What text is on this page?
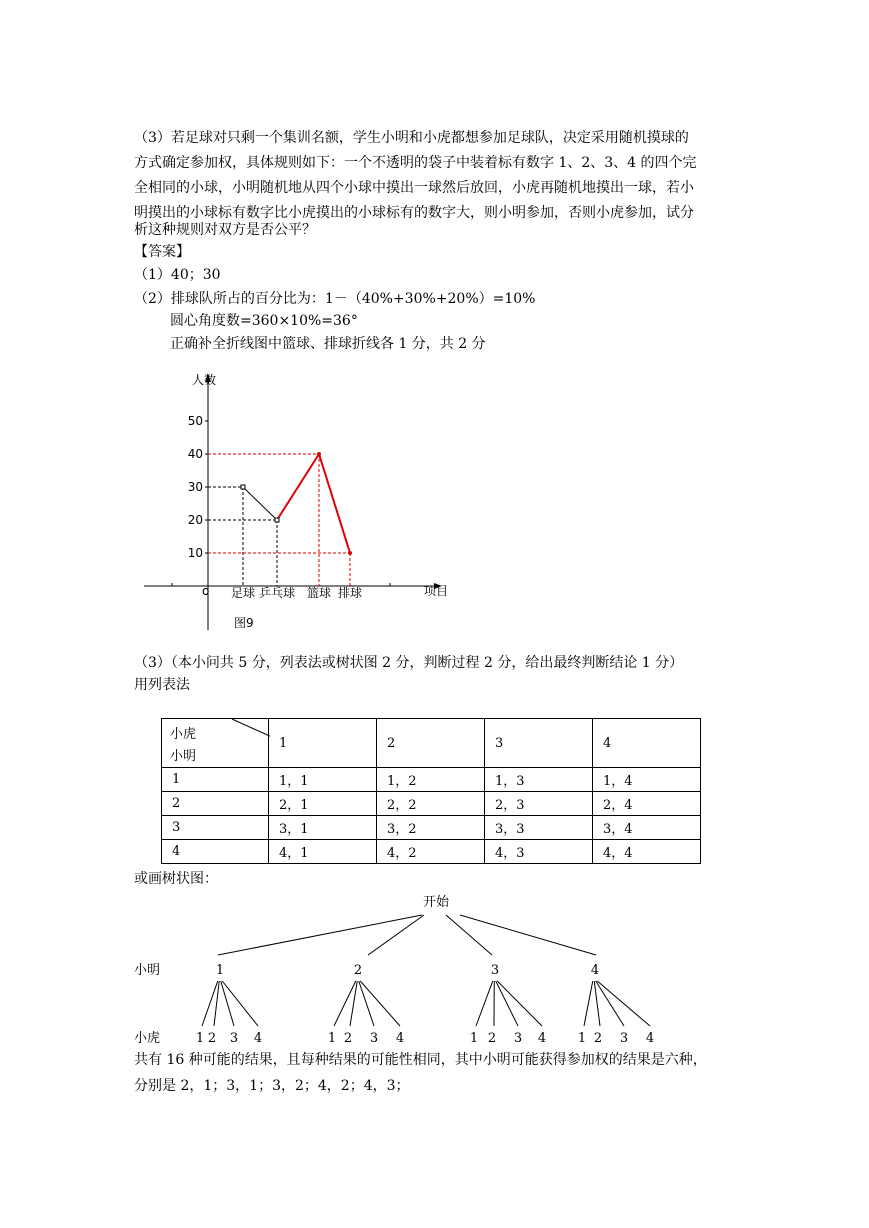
（3）若足球对只剩一个集训名额，学生小明和小虎都想参加足球队，决定采用随机摸球的
方式确定参加权，具体规则如下：一个不透明的袋子中装着标有数字 1、2、3、4 的四个完
全相同的小球，小明随机地从四个小球中摸出一球然后放回，小虎再随机地摸出一球，若小
明摸出的小球标有数字比小虎摸出的小球标有的数字大，则小明参加，否则小虎参加，试分
析这种规则对双方是否公平？
【答案】
（1）40；30
（2）排球队所占的百分比为：1－（40%+30%+20%）=10%
圆心角度数=360×10%=36°
正确补全折线图中篮球、排球折线各 1 分，共 2 分
10
20
30
40
50
人数
项目
o
图9
足球 乒乓球 篮球 排球
（3）（本小问共 5 分，列表法或树状图 2 分，判断过程 2 分，给出最终判断结论 1 分）
用列表法
小虎
小明	1	2	3	4
1	1，1	1，2	1，3	1，4
2	2，1	2，2	2，3	2，4
3	3，1	3，2	3，3	3，4
4	4，1	4，2	4，3	4，4
或画树状图：
开始
小明
小虎
1
1 2 3 4
2
1 2 3 4
3
1 2 3 4
4
1 2 3 4
共有 16 种可能的结果，且每种结果的可能性相同，其中小明可能获得参加权的结果是六种，
分别是 2，1；3，1；3，2；4，2；4，3；
